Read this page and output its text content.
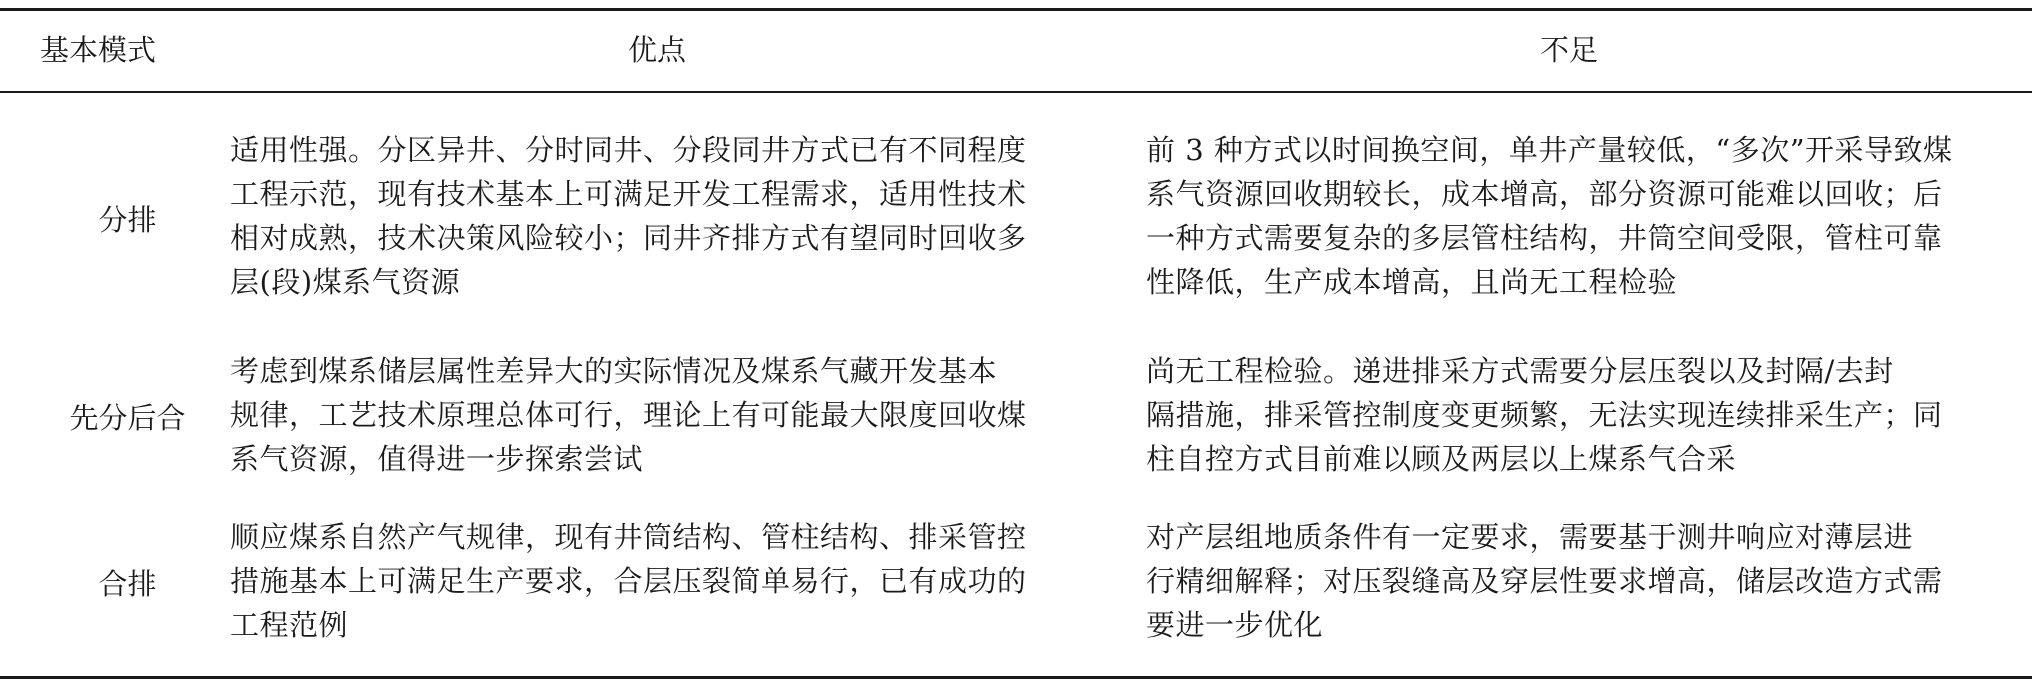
基本模式	优点	不足
分排
适用性强。分区异井、分时同井、分段同井方式已有不同程度
工程示范，现有技术基本上可满足开发工程需求，适用性技术
相对成熟，技术决策风险较小；同井齐排方式有望同时回收多
层(段)煤系气资源
前 3 种方式以时间换空间，单井产量较低，“多次”开采导致煤
系气资源回收期较长，成本增高，部分资源可能难以回收；后
一种方式需要复杂的多层管柱结构，井筒空间受限，管柱可靠
性降低，生产成本增高，且尚无工程检验
先分后合
考虑到煤系储层属性差异大的实际情况及煤系气藏开发基本
规律，工艺技术原理总体可行，理论上有可能最大限度回收煤
系气资源，值得进一步探索尝试
尚无工程检验。递进排采方式需要分层压裂以及封隔/去封
隔措施，排采管控制度变更频繁，无法实现连续排采生产；同
柱自控方式目前难以顾及两层以上煤系气合采
合排
顺应煤系自然产气规律，现有井筒结构、管柱结构、排采管控
措施基本上可满足生产要求，合层压裂简单易行，已有成功的
工程范例
对产层组地质条件有一定要求，需要基于测井响应对薄层进
行精细解释；对压裂缝高及穿层性要求增高，储层改造方式需
要进一步优化
